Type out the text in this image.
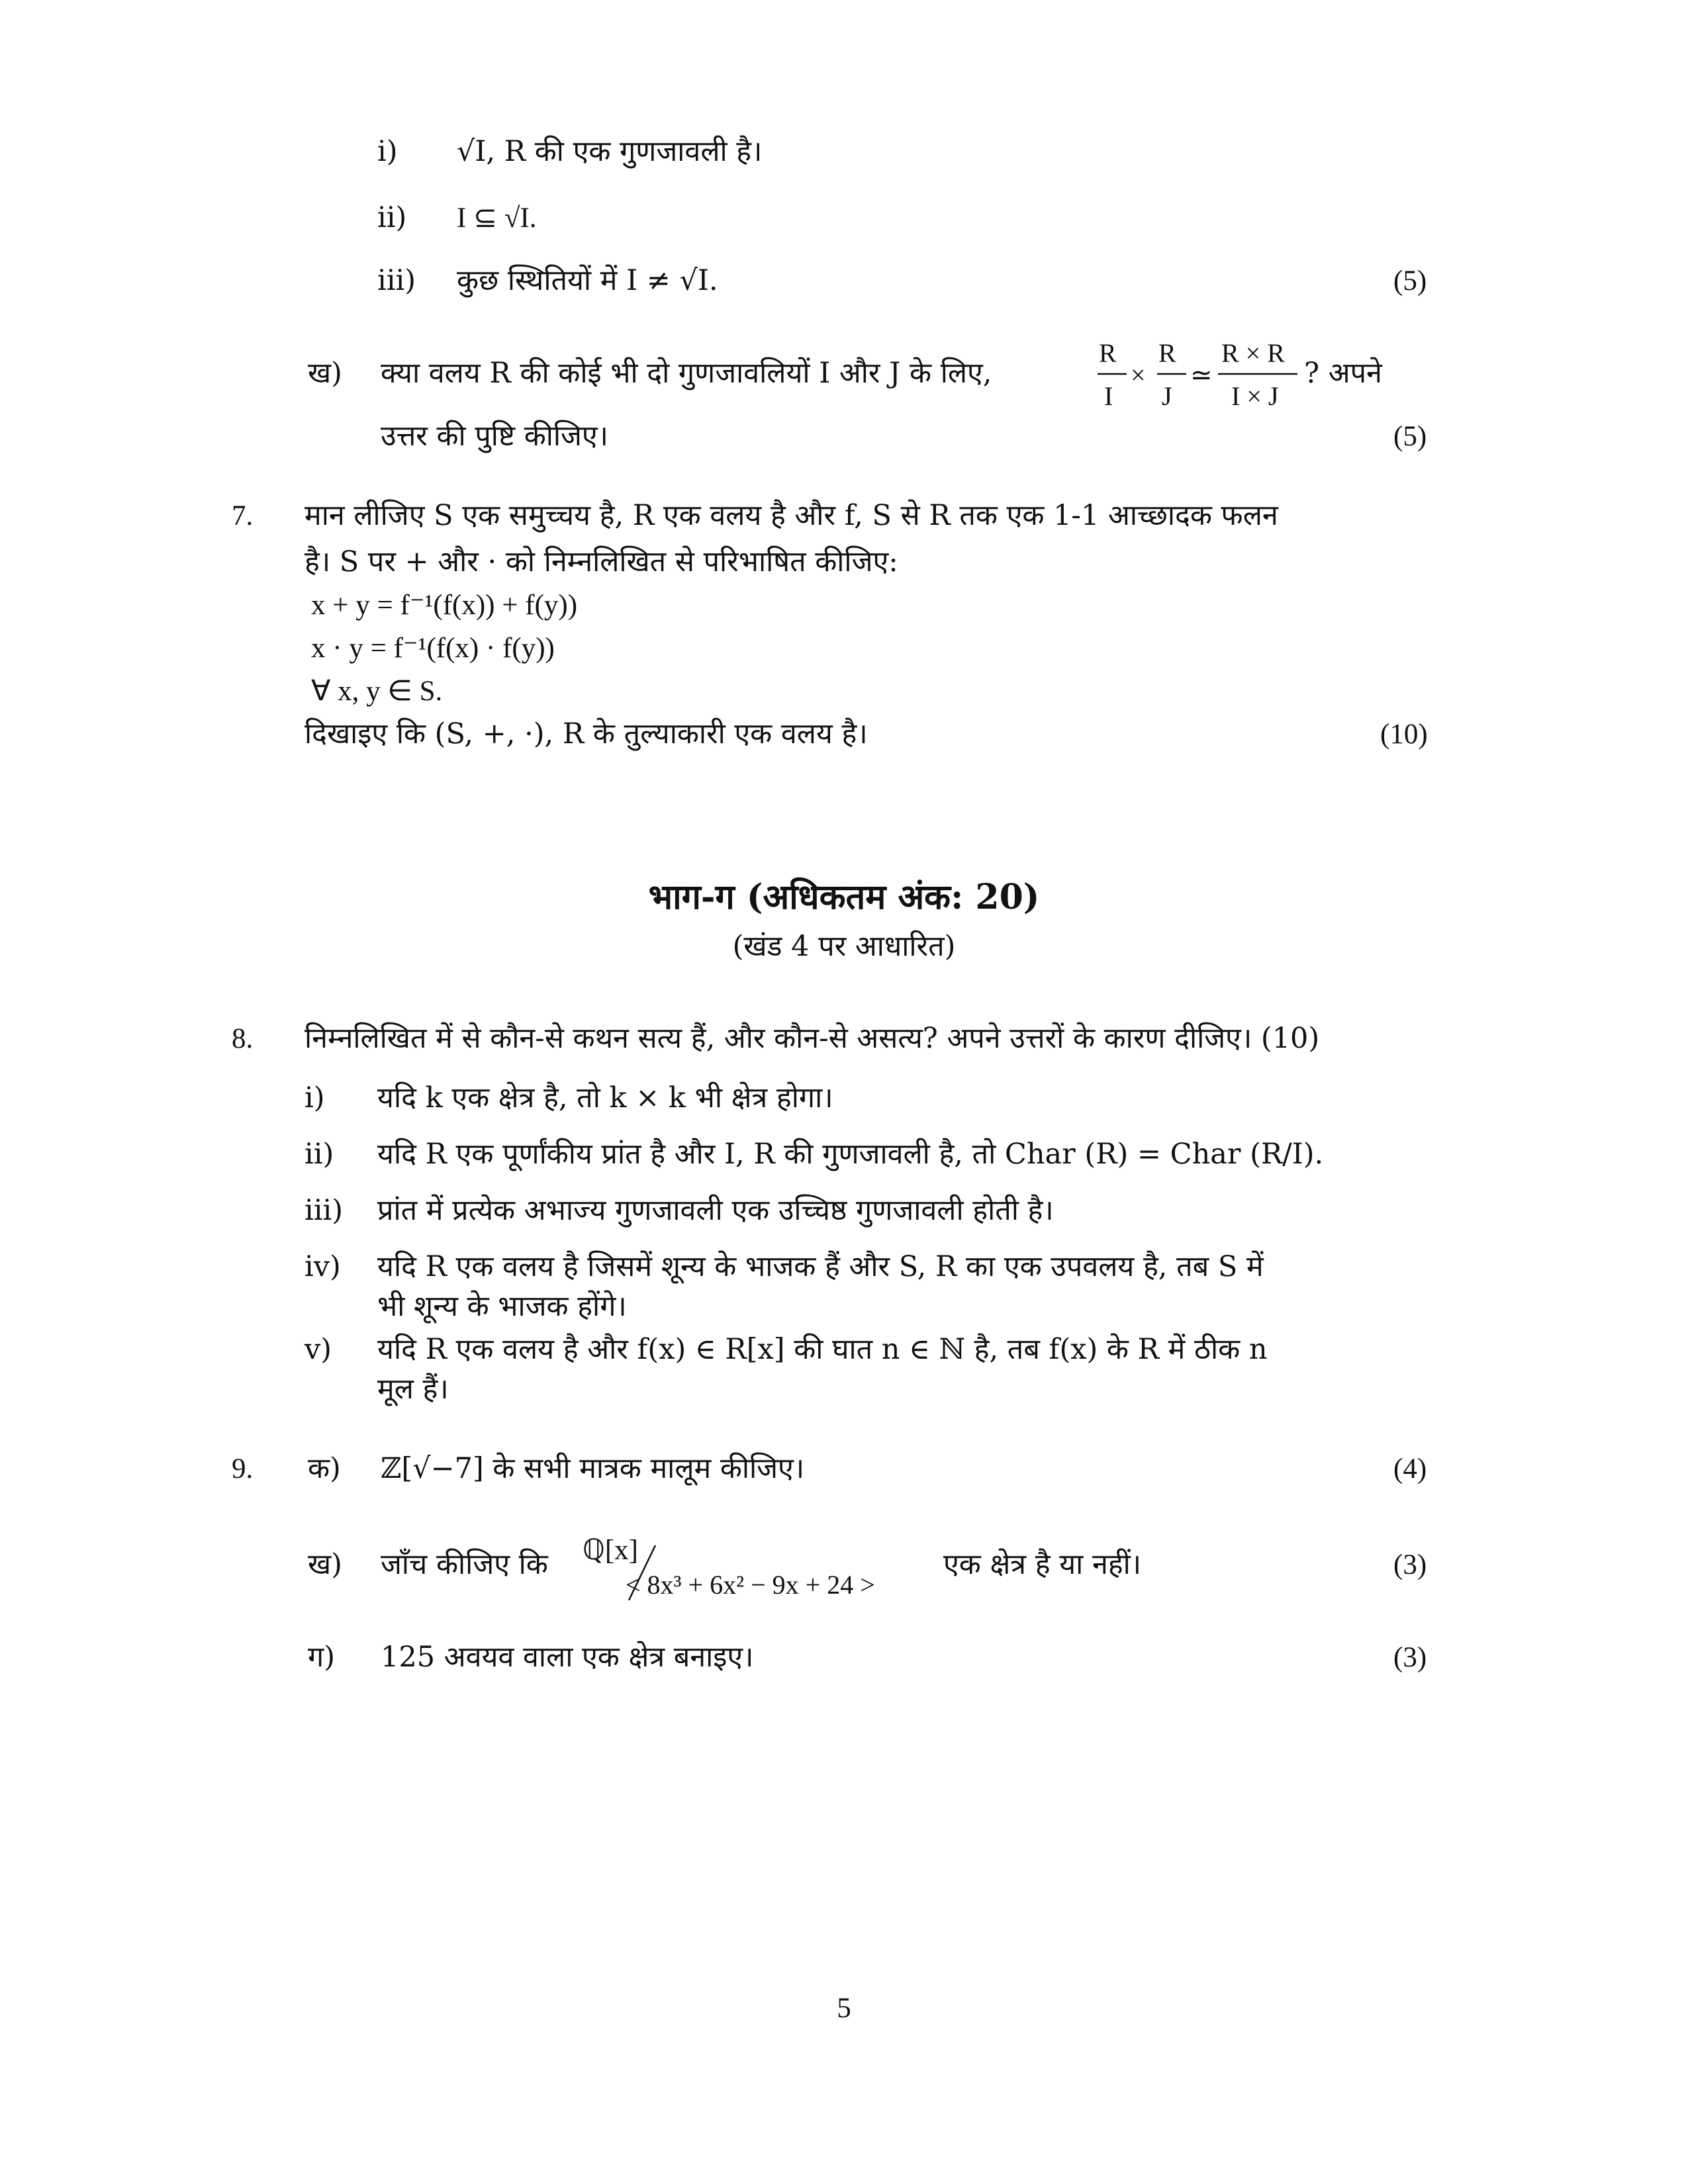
i) √I, R की एक गुणजावली है।
ii) I ⊆ √I.
iii) कुछ स्थितियों में I ≠ √I.	(5)
ख) क्या वलय R की कोई भी दो गुणजावलियों I और J के लिए,
R
I
×
R
J
≃
R × R
I × J
? अपने
उत्तर की पुष्टि कीजिए।	(5)
7. मान लीजिए S एक समुच्चय है, R एक वलय है और f, S से R तक एक 1-1 आच्छादक फलन
है। S पर + और · को निम्नलिखित से परिभाषित कीजिए:
x + y = f⁻¹(f(x)) + f(y))
x · y = f⁻¹(f(x) · f(y))
∀ x, y ∈ S.
दिखाइए कि (S, +, ·), R के तुल्याकारी एक वलय है।	(10)
भाग-ग (अधिकतम अंक: 20)
(खंड 4 पर आधारित)
8. निम्नलिखित में से कौन-से कथन सत्य हैं, और कौन-से असत्य? अपने उत्तरों के कारण दीजिए। (10)
i) यदि k एक क्षेत्र है, तो k × k भी क्षेत्र होगा।
ii) यदि R एक पूर्णांकीय प्रांत है और I, R की गुणजावली है, तो Char (R) = Char (R/I).
iii) प्रांत में प्रत्येक अभाज्य गुणजावली एक उच्चिष्ठ गुणजावली होती है।
iv) यदि R एक वलय है जिसमें शून्य के भाजक हैं और S, R का एक उपवलय है, तब S में
भी शून्य के भाजक होंगे।
v) यदि R एक वलय है और f(x) ∈ R[x] की घात n ∈ ℕ है, तब f(x) के R में ठीक n
मूल हैं।
9. क) ℤ[√−7] के सभी मात्रक मालूम कीजिए।	(4)
ख) जाँच कीजिए कि ℚ[x]
< 8x³ + 6x² − 9x + 24 >
एक क्षेत्र है या नहीं।	(3)
ग) 125 अवयव वाला एक क्षेत्र बनाइए।	(3)
5
